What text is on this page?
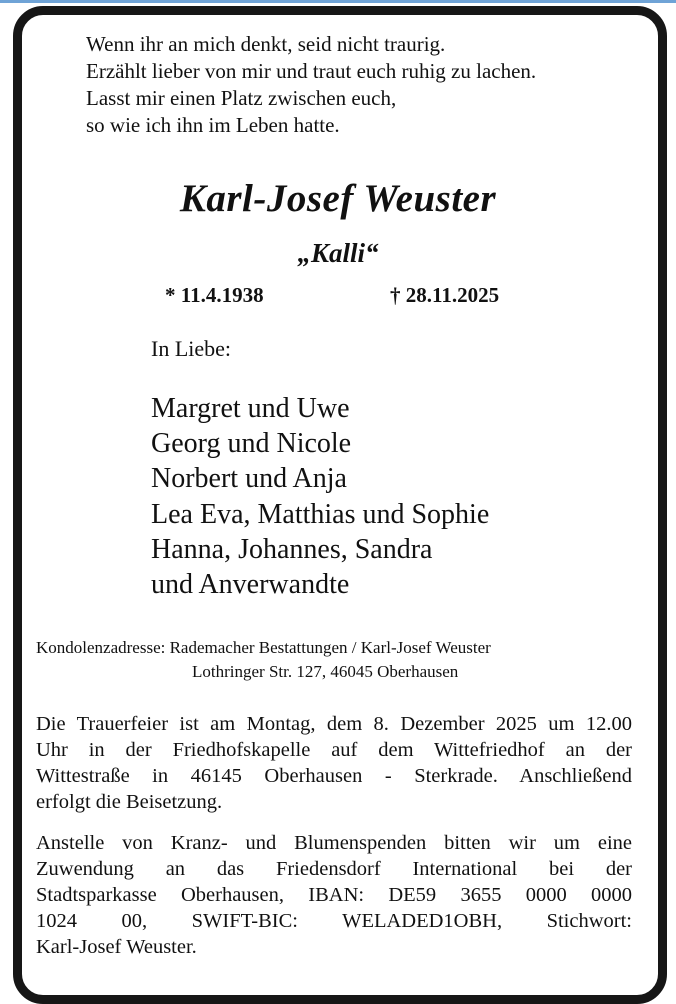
Wenn ihr an mich denkt, seid nicht traurig.
Erzählt lieber von mir und traut euch ruhig zu lachen.
Lasst mir einen Platz zwischen euch,
so wie ich ihn im Leben hatte.
Karl-Josef Weuster
„Kalli“
* 11.4.1938	† 28.11.2025
In Liebe:
Margret und Uwe
Georg und Nicole
Norbert und Anja
Lea Eva, Matthias und Sophie
Hanna, Johannes, Sandra
und Anverwandte
Kondolenzadresse: Rademacher Bestattungen / Karl-Josef Weuster
Lothringer Str. 127, 46045 Oberhausen
Die Trauerfeier ist am Montag, dem 8. Dezember 2025 um 12.00
Uhr in der Friedhofskapelle auf dem Wittefriedhof an der
Wittestraße in 46145 Oberhausen - Sterkrade. Anschließend
erfolgt die Beisetzung.
Anstelle von Kranz- und Blumenspenden bitten wir um eine
Zuwendung an das Friedensdorf International bei der
Stadtsparkasse Oberhausen, IBAN: DE59 3655 0000 0000
1024 00, SWIFT-BIC: WELADED1OBH, Stichwort:
Karl-Josef Weuster.
